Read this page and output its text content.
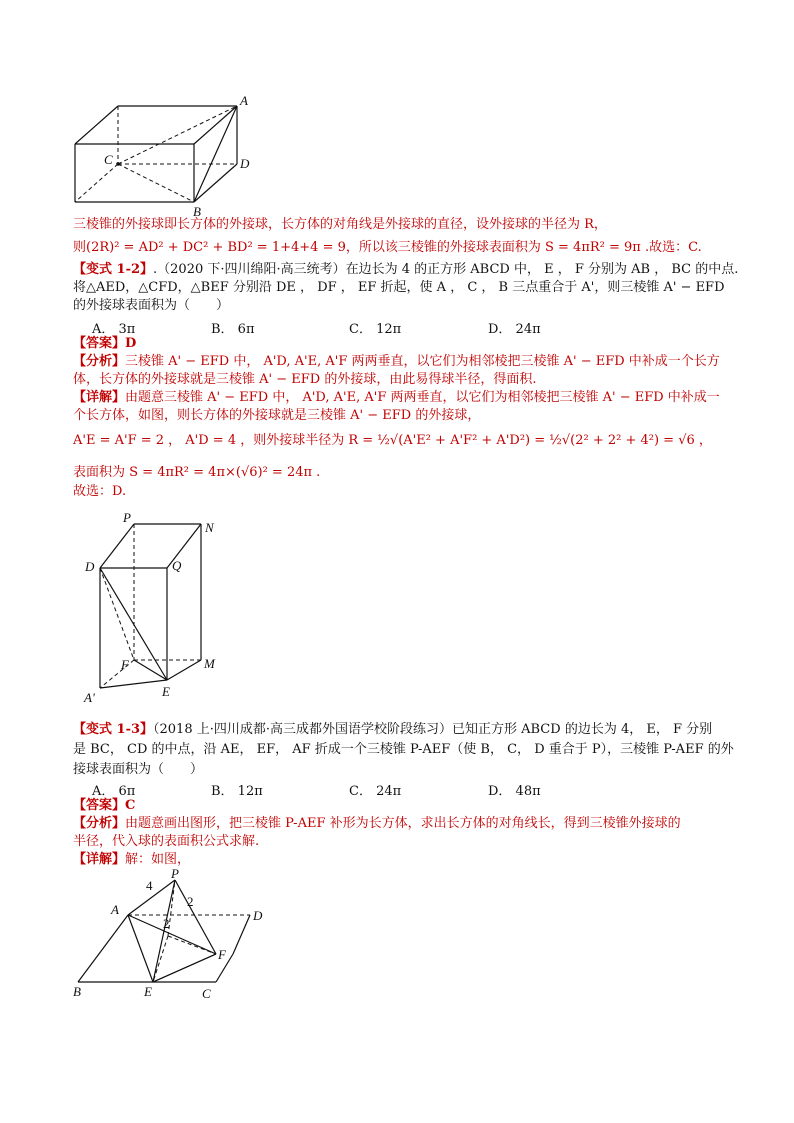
A
C	D
B
三棱锥的外接球即长方体的外接球，长方体的对角线是外接球的直径，设外接球的半径为 R，
则(2R)² = AD² + DC² + BD² = 1+4+4 = 9，所以该三棱锥的外接球表面积为 S = 4πR² = 9π .故选：C.
【变式 1-2】.（2020 下·四川绵阳·高三统考）在边长为 4 的正方形 ABCD 中， E ， F 分别为 AB ， BC 的中点.
将△AED，△CFD，△BEF 分别沿 DE ， DF ， EF 折起，使 A ， C ， B 三点重合于 A'，则三棱锥 A' − EFD
的外接球表面积为（　　）
A． 3π	B． 6π	C． 12π	D． 24π
【答案】D
【分析】三棱锥 A' − EFD 中， A'D, A'E, A'F 两两垂直，以它们为相邻棱把三棱锥 A' − EFD 中补成一个长方
体，长方体的外接球就是三棱锥 A' − EFD 的外接球，由此易得球半径，得面积.
【详解】由题意三棱锥 A' − EFD 中， A'D, A'E, A'F 两两垂直，以它们为相邻棱把三棱锥 A' − EFD 中补成一
个长方体，如图，则长方体的外接球就是三棱锥 A' − EFD 的外接球，
A'E = A'F = 2 ， A'D = 4 ，则外接球半径为 R = ½√(A'E² + A'F² + A'D²) = ½√(2² + 2² + 4²) = √6 ，
表面积为 S = 4πR² = 4π×(√6)² = 24π .
故选：D.
P
N
D	Q
F	M
A'	E
【变式 1-3】（2018 上·四川成都·高三成都外国语学校阶段练习）已知正方形 ABCD 的边长为 4， E， F 分别
是 BC， CD 的中点，沿 AE， EF， AF 折成一个三棱锥 P-AEF（使 B， C， D 重合于 P），三棱锥 P-AEF 的外
接球表面积为（　　）
A． 6π	B． 12π	C． 24π	D． 48π
【答案】C
【分析】由题意画出图形，把三棱锥 P-AEF 补形为长方体，求出长方体的对角线长，得到三棱锥外接球的
半径，代入球的表面积公式求解.
【详解】解：如图，
P
4
2
2
A	D
F
B	E	C
